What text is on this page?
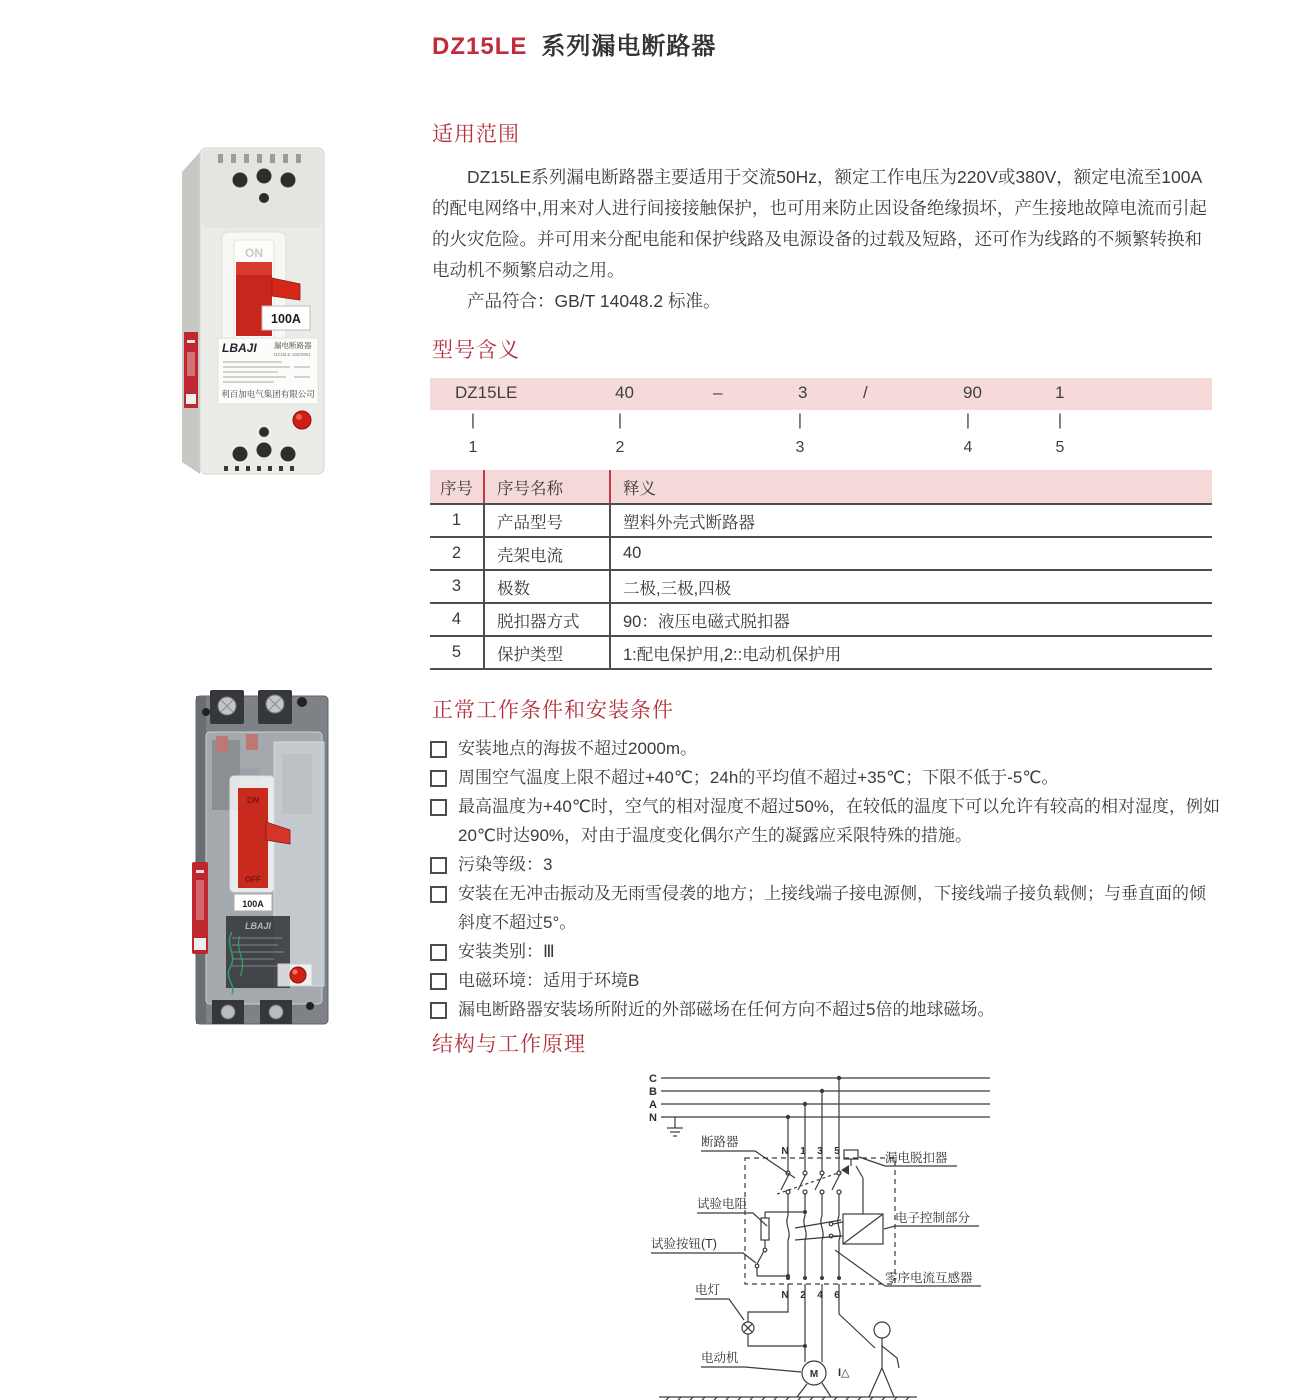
DZ15LE 系列漏电断路器
ON
100A
LBAJI 漏电断路器
DZ15LE-100/2901
利百加电气集团有限公司
适用范围

DZ15LE系列漏电断路器主要适用于交流50Hz，额定工作电压为220V或380V，额定电流至100A的配电网络中,用来对人进行间接接触保护，也可用来防止因设备绝缘损坏，产生接地故障电流而引起的火灾危险。并可用来分配电能和保护线路及电源设备的过载及短路，还可作为线路的不频繁转换和电动机不频繁启动之用。

产品符合：GB/T 14048.2 标准。

型号含义
DZ15LE	40	–	3	/	90	1
|	|	|	|	|
1	2	3	4	5
序号	序号名称	释义
1	产品型号	塑料外壳式断路器
2	壳架电流	40
3	极数	二极,三极,四极
4	脱扣器方式	90：液压电磁式脱扣器
5	保护类型	1:配电保护用,2::电动机保护用
ON
OFF
100A
LBAJI
正常工作条件和安装条件
安装地点的海拔不超过2000m。
周围空气温度上限不超过+40℃；24h的平均值不超过+35℃；下限不低于-5℃。
最高温度为+40℃时，空气的相对湿度不超过50%，在较低的温度下可以允许有较高的相对湿度，例如20℃时达90%，对由于温度变化偶尔产生的凝露应采限特殊的措施。
污染等级：3
安装在无冲击振动及无雨雪侵袭的地方；上接线端子接电源侧，下接线端子接负载侧；与垂直面的倾斜度不超过5°。
安装类别：Ⅲ
电磁环境：适用于环境B
漏电断路器安装场所附近的外部磁场在任何方向不超过5倍的地球磁场。
结构与工作原理
C
B
A
N
N 1 3 5
N 2 4 6
M I△
断路器
试验电阻
试验按钮(T)
电灯
电动机
漏电脱扣器
电子控制部分
零序电流互感器
